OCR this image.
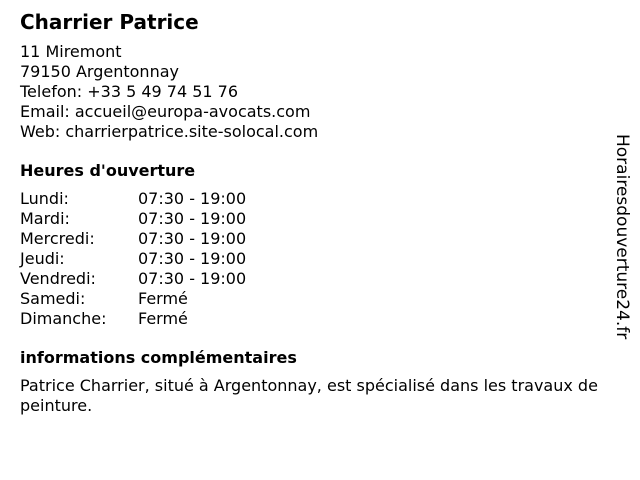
Charrier Patrice
11 Miremont
79150 Argentonnay
Telefon: +33 5 49 74 51 76
Email: accueil@europa-avocats.com
Web: charrierpatrice.site-solocal.com
Heures d'ouverture
Lundi:	07:30 - 19:00
Mardi:	07:30 - 19:00
Mercredi:	07:30 - 19:00
Jeudi:	07:30 - 19:00
Vendredi:	07:30 - 19:00
Samedi:	Fermé
Dimanche:	Fermé
informations complémentaires
Patrice Charrier, situé à Argentonnay, est spécialisé dans les travaux de peinture.
Horairesdouverture24.fr
